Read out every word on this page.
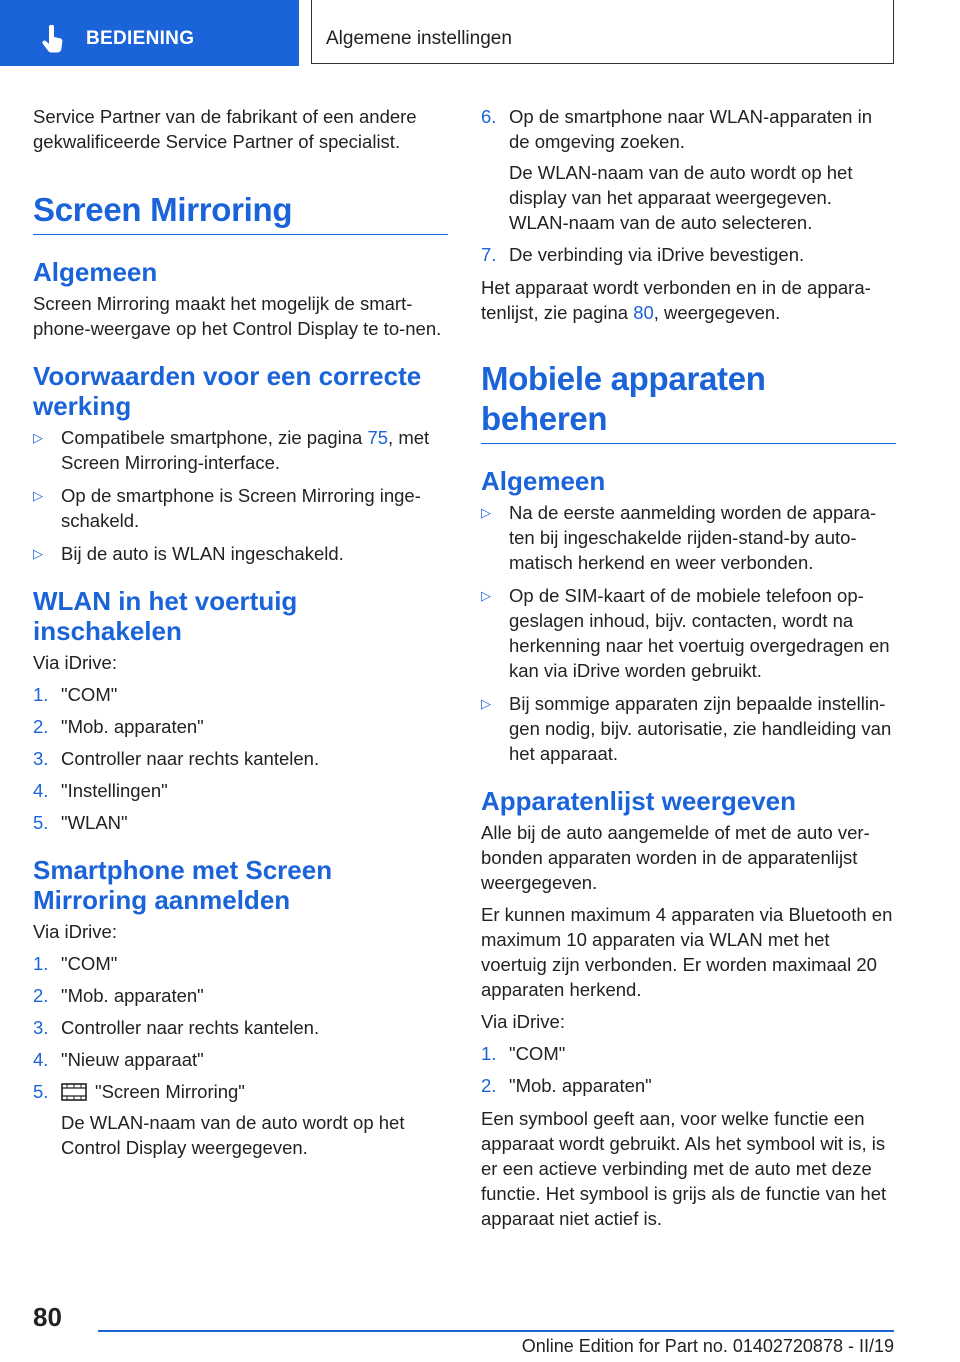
BEDIENING	Algemene instellingen

Service Partner van de fabrikant of een andere gekwalificeerde Service Partner of specialist.

Screen Mirroring
Algemeen

Screen Mirroring maakt het mogelijk de smart-phone-weergave op het Control Display te to-nen.

Voorwaarden voor een correcte werking
▷ Compatibele smartphone, zie pagina 75, met Screen Mirroring-interface.
▷ Op de smartphone is Screen Mirroring inge-schakeld.
▷ Bij de auto is WLAN ingeschakeld.
WLAN in het voertuig inschakelen

Via iDrive:

1. "COM"
2. "Mob. apparaten"
3. Controller naar rechts kantelen.
4. "Instellingen"
5. "WLAN"
Smartphone met Screen Mirroring aanmelden

Via iDrive:

1. "COM"
2. "Mob. apparaten"
3. Controller naar rechts kantelen.
4. "Nieuw apparaat"
5.	"Screen Mirroring"
De WLAN-naam van de auto wordt op het Control Display weergegeven.
6. Op de smartphone naar WLAN-apparaten in de omgeving zoeken.
De WLAN-naam van de auto wordt op het display van het apparaat weergegeven. WLAN-naam van de auto selecteren.
7. De verbinding via iDrive bevestigen.

Het apparaat wordt verbonden en in de appara-tenlijst, zie pagina 80, weergegeven.

Mobiele apparaten beheren
Algemeen
▷ Na de eerste aanmelding worden de appara-ten bij ingeschakelde rijden-stand-by auto-matisch herkend en weer verbonden.
▷ Op de SIM-kaart of de mobiele telefoon op-geslagen inhoud, bijv. contacten, wordt na herkenning naar het voertuig overgedragen en kan via iDrive worden gebruikt.
▷ Bij sommige apparaten zijn bepaalde instellin-gen nodig, bijv. autorisatie, zie handleiding van het apparaat.
Apparatenlijst weergeven

Alle bij de auto aangemelde of met de auto ver-bonden apparaten worden in de apparatenlijst weergegeven.

Er kunnen maximum 4 apparaten via Bluetooth en maximum 10 apparaten via WLAN met het voertuig zijn verbonden. Er worden maximaal 20 apparaten herkend.

Via iDrive:

1. "COM"
2. "Mob. apparaten"

Een symbool geeft aan, voor welke functie een apparaat wordt gebruikt. Als het symbool wit is, is er een actieve verbinding met de auto met deze functie. Het symbool is grijs als de functie van het apparaat niet actief is.

80
Online Edition for Part no. 01402720878 - II/19
